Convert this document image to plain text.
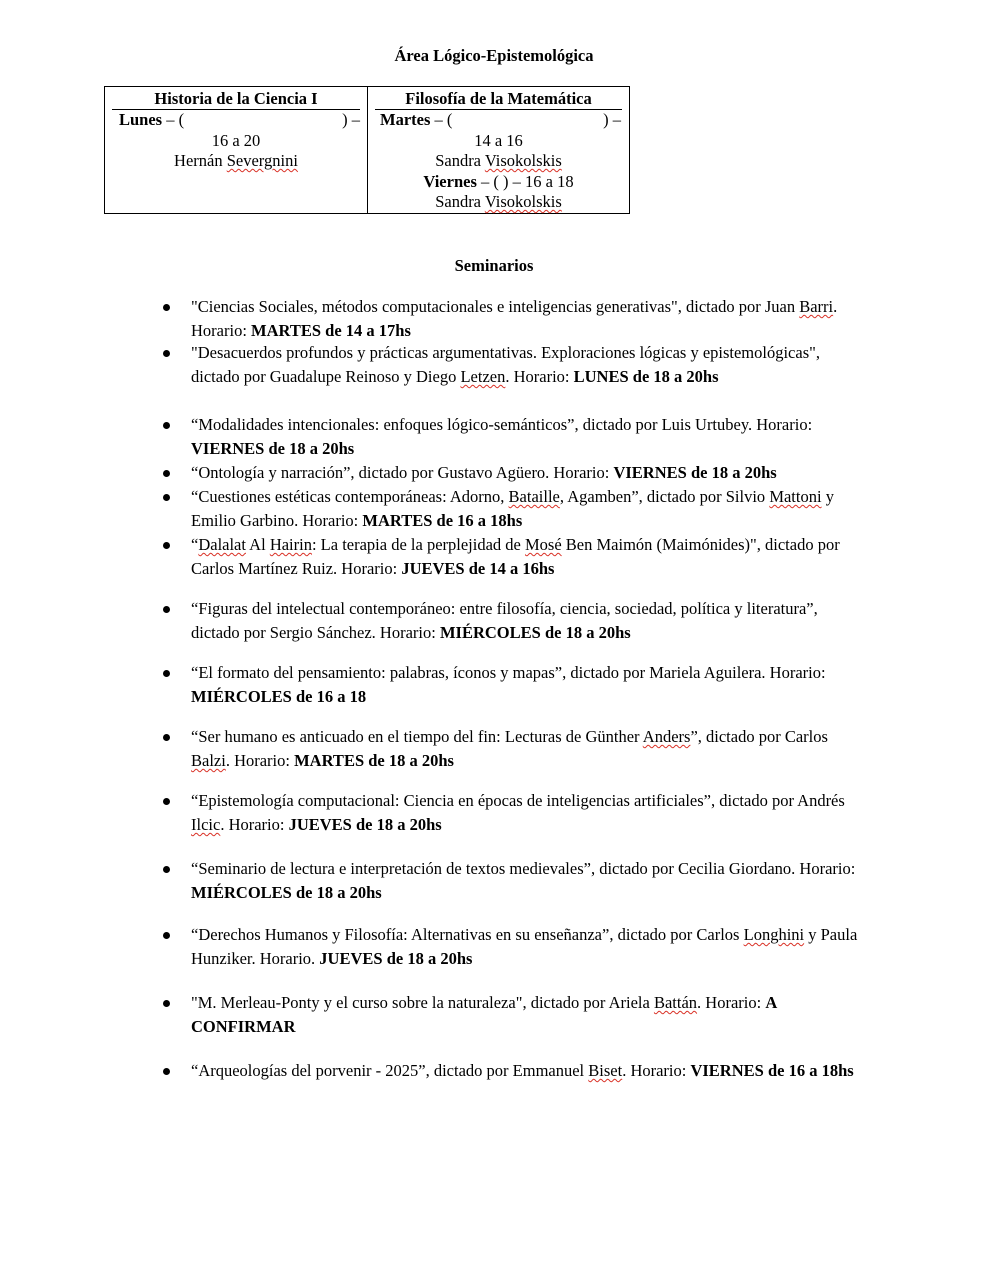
Área Lógico-Epistemológica
Historia de la Ciencia I
Lunes – (	) –
16 a 20
Hernán Severgnini
Filosofía de la Matemática
Martes – (	) –
14 a 16
Sandra Visokolskis
Viernes – ( ) – 16 a 18
Sandra Visokolskis
Seminarios
"Ciencias Sociales, métodos computacionales e inteligencias generativas", dictado por Juan Barri. Horario: MARTES de 14 a 17hs
"Desacuerdos profundos y prácticas argumentativas. Exploraciones lógicas y epistemológicas", dictado por Guadalupe Reinoso y Diego Letzen. Horario: LUNES de 18 a 20hs
“Modalidades intencionales: enfoques lógico-semánticos”, dictado por Luis Urtubey. Horario: VIERNES de 18 a 20hs
“Ontología y narración”, dictado por Gustavo Agüero. Horario: VIERNES de 18 a 20hs
“Cuestiones estéticas contemporáneas: Adorno, Bataille, Agamben”, dictado por Silvio Mattoni y Emilio Garbino. Horario: MARTES de 16 a 18hs
“Dalalat Al Hairin: La terapia de la perplejidad de Mosé Ben Maimón (Maimónides)", dictado por Carlos Martínez Ruiz. Horario: JUEVES de 14 a 16hs
“Figuras del intelectual contemporáneo: entre filosofía, ciencia, sociedad, política y literatura”, dictado por Sergio Sánchez. Horario: MIÉRCOLES de 18 a 20hs
“El formato del pensamiento: palabras, íconos y mapas”, dictado por Mariela Aguilera. Horario: MIÉRCOLES de 16 a 18
“Ser humano es anticuado en el tiempo del fin: Lecturas de Günther Anders”, dictado por Carlos Balzi. Horario: MARTES de 18 a 20hs
“Epistemología computacional: Ciencia en épocas de inteligencias artificiales”, dictado por Andrés Ilcic. Horario: JUEVES de 18 a 20hs
“Seminario de lectura e interpretación de textos medievales”, dictado por Cecilia Giordano. Horario: MIÉRCOLES de 18 a 20hs
“Derechos Humanos y Filosofía: Alternativas en su enseñanza”, dictado por Carlos Longhini y Paula Hunziker. Horario. JUEVES de 18 a 20hs
"M. Merleau-Ponty y el curso sobre la naturaleza", dictado por Ariela Battán. Horario: A CONFIRMAR
“Arqueologías del porvenir - 2025”, dictado por Emmanuel Biset. Horario: VIERNES de 16 a 18hs
